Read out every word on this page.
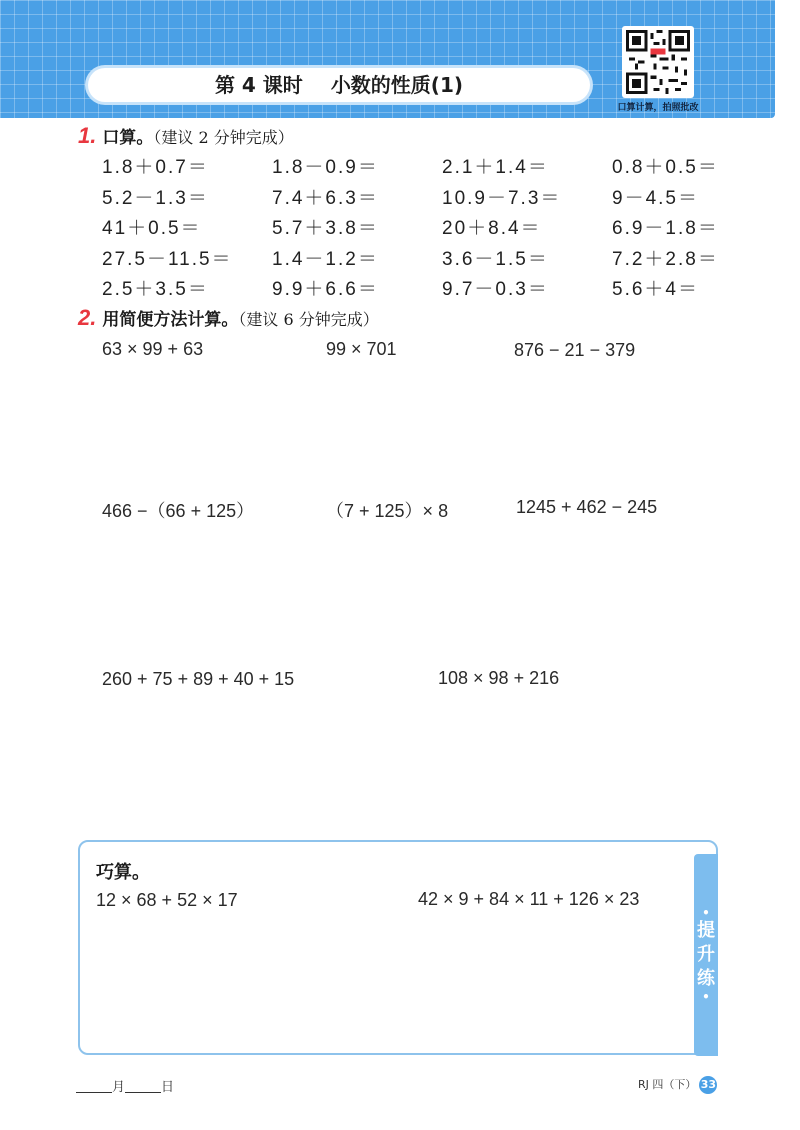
第 4 课时 小数的性质(1)
口算计算，拍照批改
1. 口算。（建议 2 分钟完成）
1.8＋0.7＝	1.8－0.9＝	2.1＋1.4＝	0.8＋0.5＝
5.2－1.3＝	7.4＋6.3＝	10.9－7.3＝	9－4.5＝
41＋0.5＝	5.7＋3.8＝	20＋8.4＝	6.9－1.8＝
27.5－11.5＝ 1.4－1.2＝	3.6－1.5＝	7.2＋2.8＝
2.5＋3.5＝	9.9＋6.6＝	9.7－0.3＝	5.6＋4＝
2. 用简便方法计算。（建议 6 分钟完成）
63 × 99 + 63	99 × 701	876 − 21 − 379
466 −（66 + 125）	（7 + 125）× 8	1245 + 462 − 245
260 + 75 + 89 + 40 + 15	108 × 98 + 216
巧算。
12 × 68 + 52 × 17	42 × 9 + 84 × 11 + 126 × 23
•
提
升
练
•
月	日	RJ 四（下） 33
